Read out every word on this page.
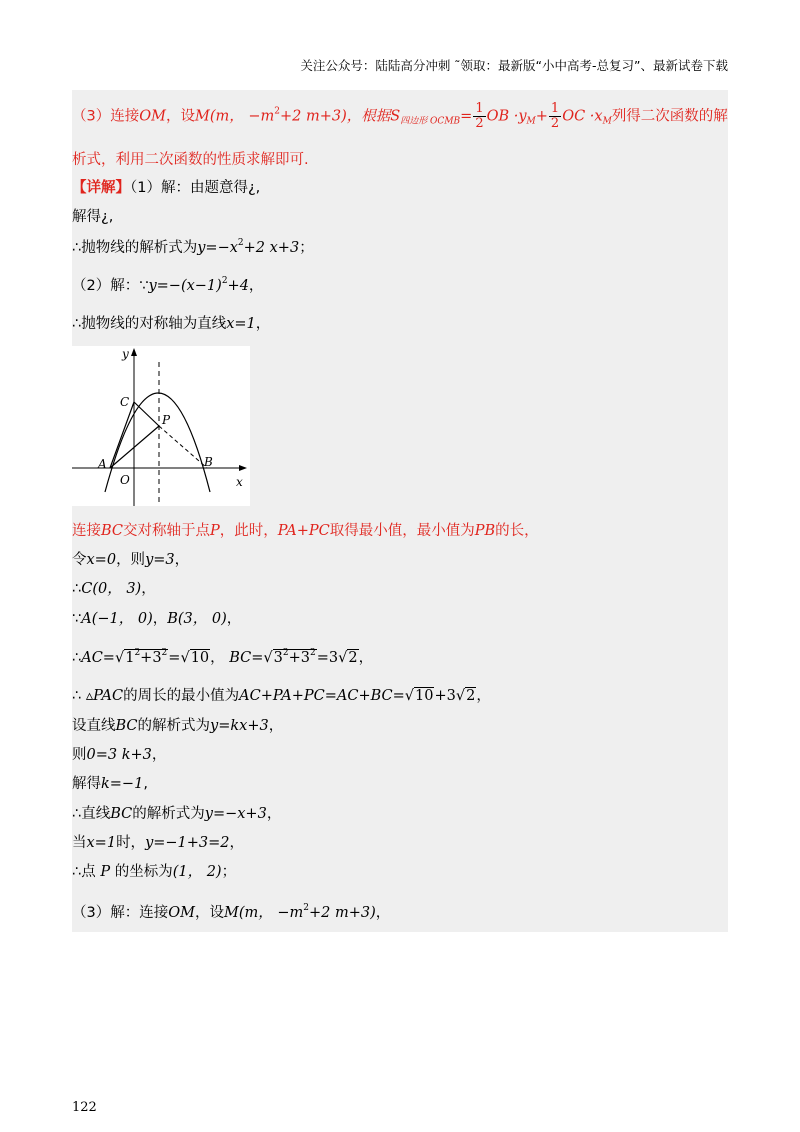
关注公众号：陆陆高分冲刺 ˜领取：最新版“小中高考-总复习”、最新试卷下载
（3）连接OM，设M(m， $-m^2+2$ m+3)，根据$S_{四边形 OCMB}= \frac{1}{2}$ OB $\cdot y_M+ \frac{1}{2}$ OC $\cdot x_M$列得二次函数的解
析式，利用二次函数的性质求解即可.
【详解】（1）解：由题意得¿,
解得¿,
∴抛物线的解析式为$y=-x^2+2$ x+3；
（2）解：$\because y=-(x-1)^2+4$，
∴抛物线的对称轴为直线x=1，
y
x
C
P
A	B
O
连接BC交对称轴于点P，此时，PA+PC取得最小值，最小值为PB的长，
令x=0，则y=3，
∴C(0， 3)，
∵A(−1， 0)，B(3， 0)，
$\therefore AC=√1^2+3^2=√10$， $BC=√3^2+3^2=3√2$，
∴ ▵PAC的周长的最小值为AC+PA+PC=AC+BC=√10+3√2，
设直线BC的解析式为y=kx+3，
则0=3 k+3，
解得k=−1,
∴直线BC的解析式为y=−x+3，
当x=1时，y=−1+3=2，
∴点 P 的坐标为(1， 2)；
（3）解：连接OM，设M(m， $-m^2+2$ m+3)，
122
